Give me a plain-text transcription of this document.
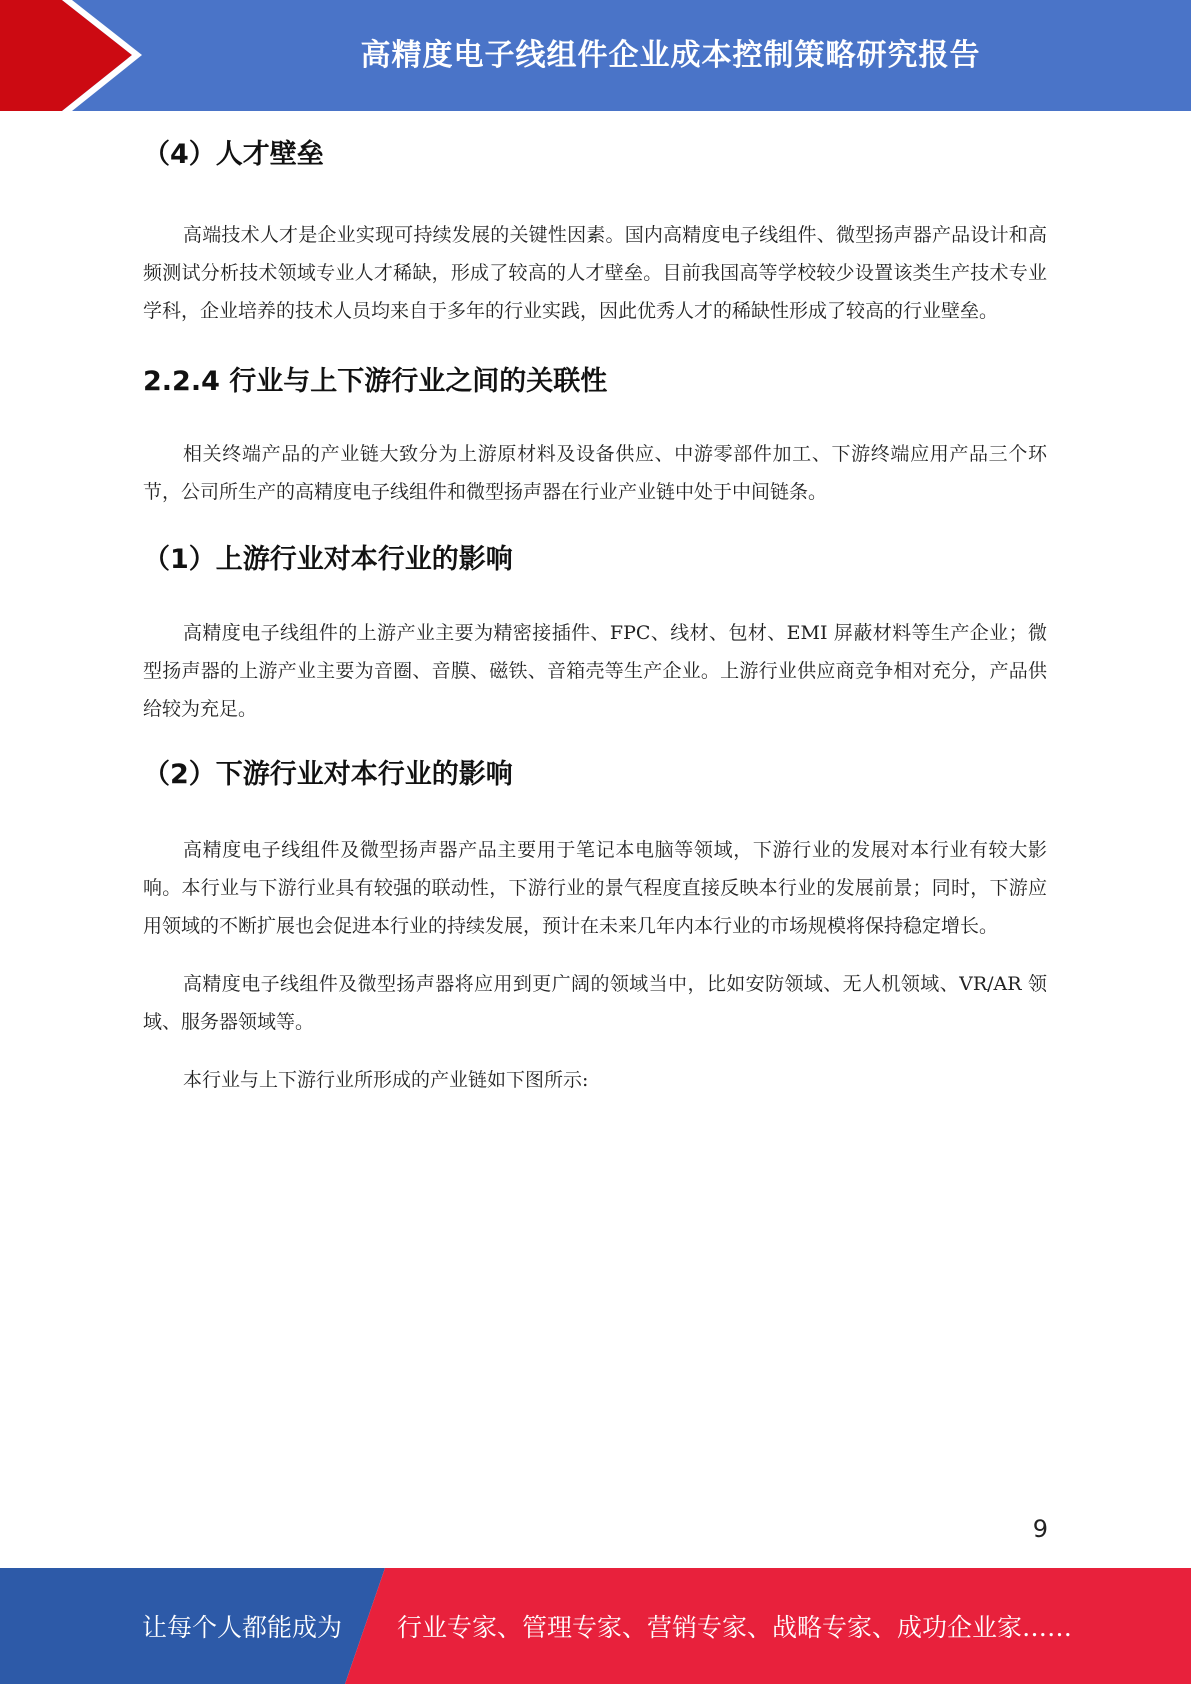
高精度电子线组件企业成本控制策略研究报告
（4）人才壁垒

高端技术人才是企业实现可持续发展的关键性因素。国内高精度电子线组件、微型扬声器产品设计和高频测试分析技术领域专业人才稀缺，形成了较高的人才壁垒。目前我国高等学校较少设置该类生产技术专业学科，企业培养的技术人员均来自于多年的行业实践，因此优秀人才的稀缺性形成了较高的行业壁垒。

2.2.4 行业与上下游行业之间的关联性

相关终端产品的产业链大致分为上游原材料及设备供应、中游零部件加工、下游终端应用产品三个环节，公司所生产的高精度电子线组件和微型扬声器在行业产业链中处于中间链条。

（1）上游行业对本行业的影响

高精度电子线组件的上游产业主要为精密接插件、FPC、线材、包材、EMI 屏蔽材料等生产企业；微型扬声器的上游产业主要为音圈、音膜、磁铁、音箱壳等生产企业。上游行业供应商竞争相对充分，产品供给较为充足。

（2）下游行业对本行业的影响

高精度电子线组件及微型扬声器产品主要用于笔记本电脑等领域，下游行业的发展对本行业有较大影响。本行业与下游行业具有较强的联动性，下游行业的景气程度直接反映本行业的发展前景；同时，下游应用领域的不断扩展也会促进本行业的持续发展，预计在未来几年内本行业的市场规模将保持稳定增长。

高精度电子线组件及微型扬声器将应用到更广阔的领域当中，比如安防领域、无人机领域、VR/AR 领域、服务器领域等。

本行业与上下游行业所形成的产业链如下图所示:

9
让每个人都能成为 行业专家、管理专家、营销专家、战略专家、成功企业家……
